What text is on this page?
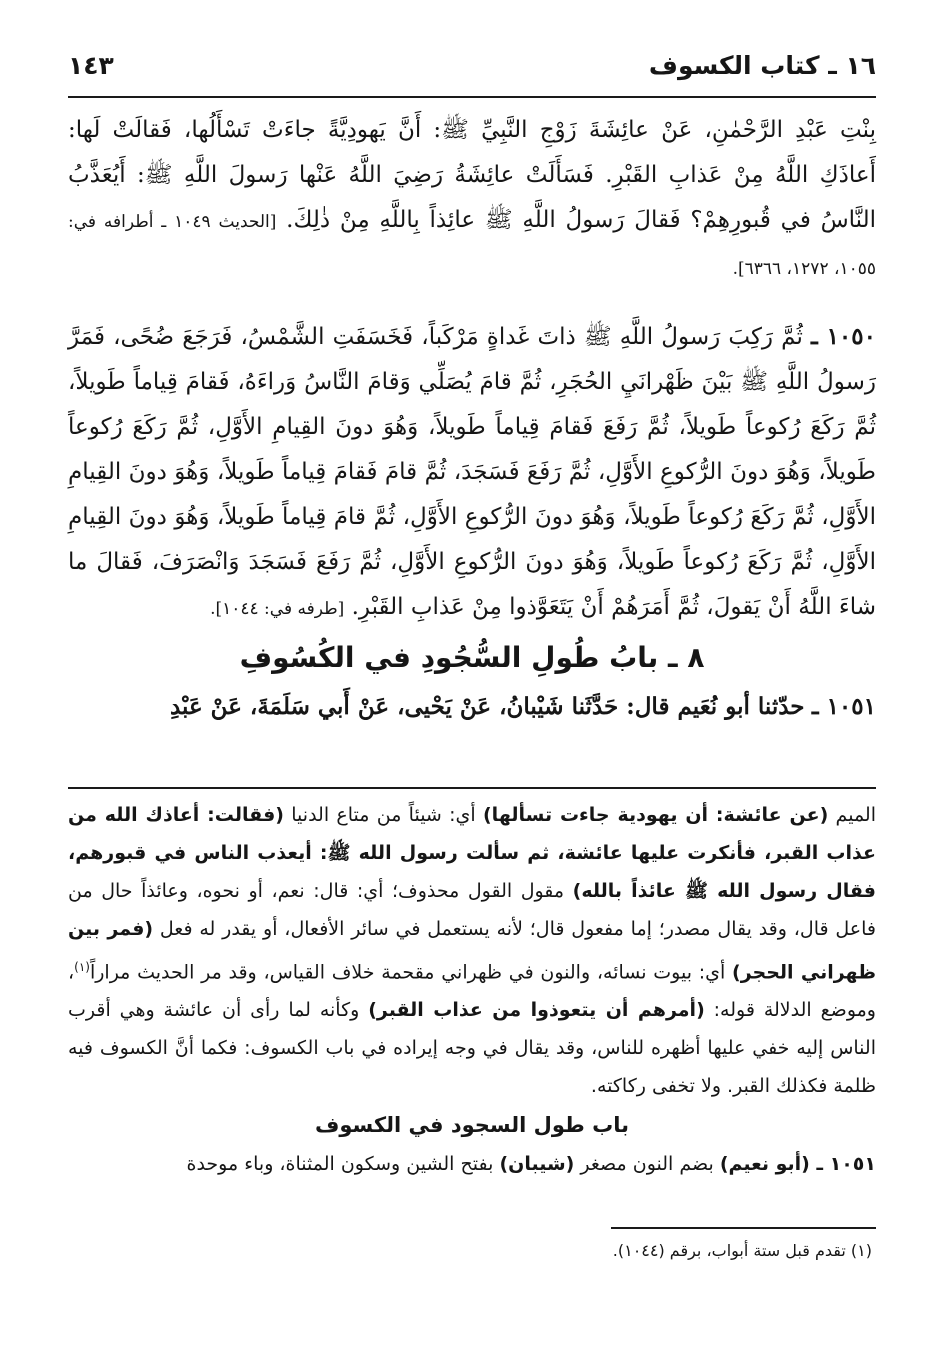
١٦ ـ كتاب الكسوف
١٤٣

بِنْتِ عَبْدِ الرَّحْمٰنِ، عَنْ عائِشَةَ زَوْجِ النَّبِيِّ ﷺ: أَنَّ يَهودِيَّةً جاءَتْ تَسْأَلُها، فَقالَتْ لَها: أَعاذَكِ اللَّهُ مِنْ عَذابِ القَبْرِ. فَسَأَلَتْ عائِشَةُ رَضِيَ اللَّهُ عَنْها رَسولَ اللَّهِ ﷺ: أَيُعَذَّبُ النَّاسُ في قُبورِهِمْ؟ فَقالَ رَسولُ اللَّهِ ﷺ عائِذاً بِاللَّهِ مِنْ ذٰلِكَ. [الحديث ١٠٤٩ ـ أطرافه في: ١٠٥٥، ١٢٧٢، ٦٣٦٦].

١٠٥٠ ـ ثُمَّ رَكِبَ رَسولُ اللَّهِ ﷺ ذاتَ غَداةٍ مَرْكَباً، فَخَسَفَتِ الشَّمْسُ، فَرَجَعَ ضُحًى، فَمَرَّ رَسولُ اللَّهِ ﷺ بَيْنَ ظَهْرانَيِ الحُجَرِ، ثُمَّ قامَ يُصَلِّي وَقامَ النَّاسُ وَراءَهُ، فَقامَ قِياماً طَويلاً، ثُمَّ رَكَعَ رُكوعاً طَويلاً، ثُمَّ رَفَعَ فَقامَ قِياماً طَويلاً، وَهُوَ دونَ القِيامِ الأَوَّلِ، ثُمَّ رَكَعَ رُكوعاً طَويلاً، وَهُوَ دونَ الرُّكوعِ الأَوَّلِ، ثُمَّ رَفَعَ فَسَجَدَ، ثُمَّ قامَ فَقامَ قِياماً طَويلاً، وَهُوَ دونَ القِيامِ الأَوَّلِ، ثُمَّ رَكَعَ رُكوعاً طَويلاً، وَهُوَ دونَ الرُّكوعِ الأَوَّلِ، ثُمَّ قامَ قِياماً طَويلاً، وَهُوَ دونَ القِيامِ الأَوَّلِ، ثُمَّ رَكَعَ رُكوعاً طَويلاً، وَهُوَ دونَ الرُّكوعِ الأَوَّلِ، ثُمَّ رَفَعَ فَسَجَدَ وَانْصَرَفَ، فَقالَ ما شاءَ اللَّهُ أَنْ يَقولَ، ثُمَّ أَمَرَهُمْ أَنْ يَتَعَوَّذوا مِنْ عَذابِ القَبْرِ. [طرفه في: ١٠٤٤].

٨ ـ بابُ طُولِ السُّجُودِ في الكُسُوفِ

١٠٥١ ـ حدّثنا أبو نُعَيم قال: حَدَّثَنا شَيْبانُ، عَنْ يَحْيى، عَنْ أَبي سَلَمَةَ، عَنْ عَبْدِ

الميم (عن عائشة: أن يهودية جاءت تسألها) أي: شيئاً من متاع الدنيا (فقالت: أعاذك الله من عذاب القبر، فأنكرت عليها عائشة، ثم سألت رسول الله ﷺ: أيعذب الناس في قبورهم، فقال رسول الله ﷺ عائذاً بالله) مقول القول محذوف؛ أي: قال: نعم، أو نحوه، وعائذاً حال من فاعل قال، وقد يقال مصدر؛ إما مفعول قال؛ لأنه يستعمل في سائر الأفعال، أو يقدر له فعل (فمر بين ظهراني الحجر) أي: بيوت نسائه، والنون في ظهراني مقحمة خلاف القياس، وقد مر الحديث مراراً$^{(١)}$، وموضع الدلالة قوله: (أمرهم أن يتعوذوا من عذاب القبر) وكأنه لما رأى أن عائشة وهي أقرب الناس إليه خفي عليها أظهره للناس، وقد يقال في وجه إيراده في باب الكسوف: فكما أنَّ الكسوف فيه ظلمة فكذلك القبر. ولا تخفى ركاكته.

باب طول السجود في الكسوف

١٠٥١ ـ (أبو نعيم) بضم النون مصغر (شيبان) بفتح الشين وسكون المثناة، وباء موحدة

(١) تقدم قبل ستة أبواب، برقم (١٠٤٤).
